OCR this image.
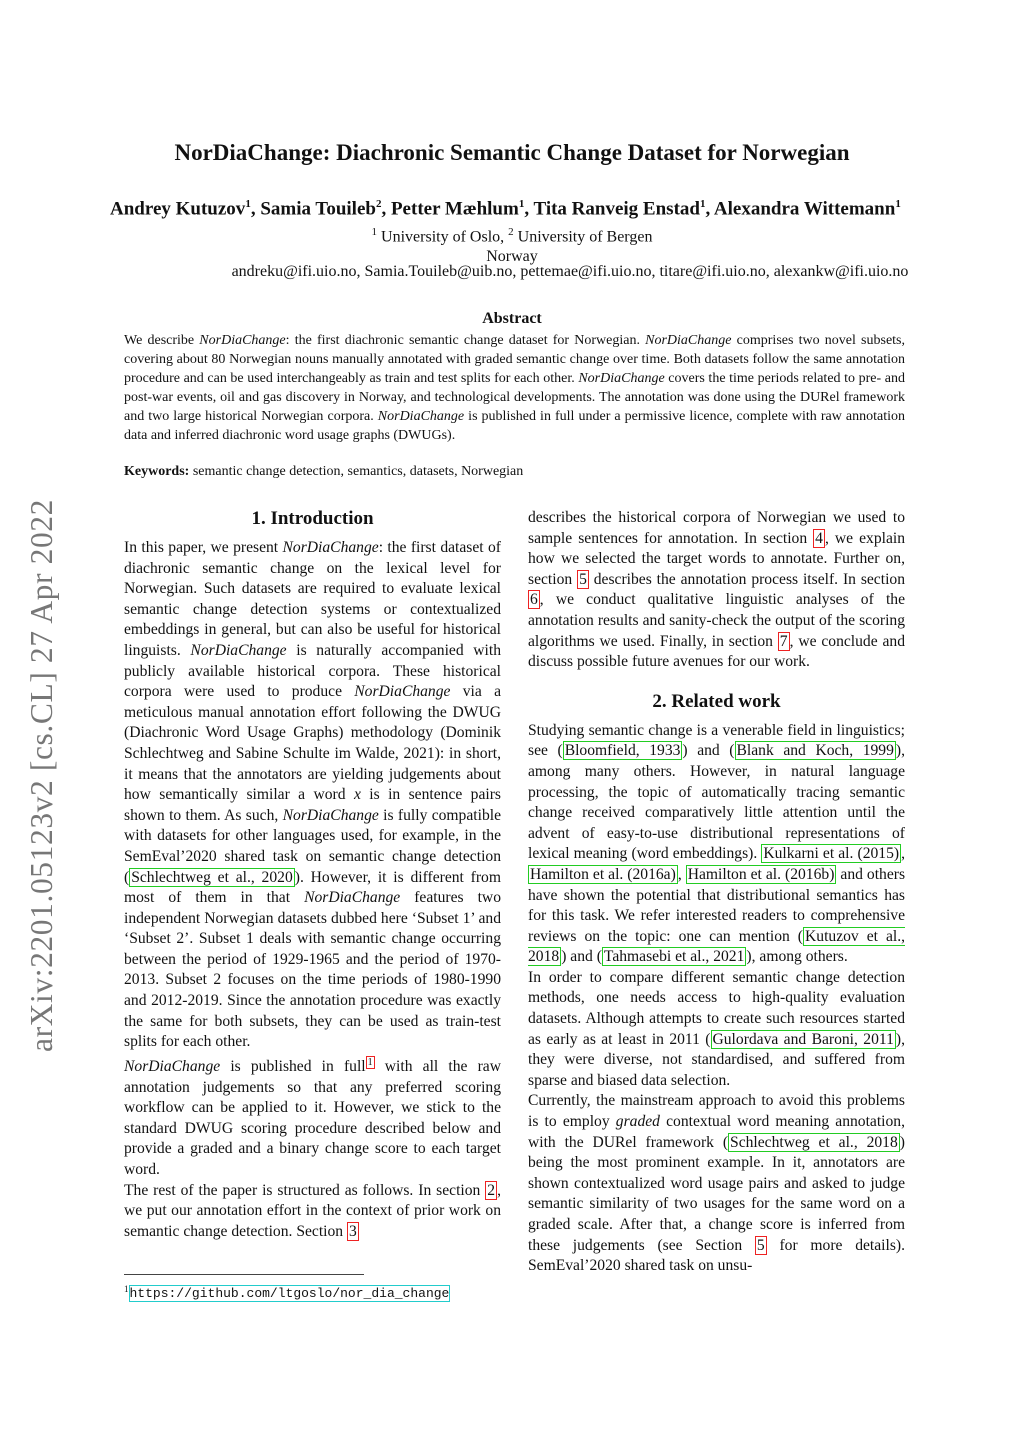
arXiv:2201.05123v2 [cs.CL] 27 Apr 2022
NorDiaChange: Diachronic Semantic Change Dataset for Norwegian
Andrey Kutuzov$^1$, Samia Touileb$^2$, Petter Mæhlum$^1$, Tita Ranveig Enstad$^1$, Alexandra Wittemann$^1$
$^1$ University of Oslo, $^2$ University of Bergen
Norway
andreku@ifi.uio.no, Samia.Touileb@uib.no, pettemae@ifi.uio.no, titare@ifi.uio.no, alexankw@ifi.uio.no
Abstract

We describe NorDiaChange: the first diachronic semantic change dataset for Norwegian. NorDiaChange comprises two novel subsets, covering about 80 Norwegian nouns manually annotated with graded semantic change over time. Both datasets follow the same annotation procedure and can be used interchangeably as train and test splits for each other. NorDiaChange covers the time periods related to pre- and post-war events, oil and gas discovery in Norway, and technological developments. The annotation was done using the DURel framework and two large historical Norwegian corpora. NorDiaChange is published in full under a permissive licence, complete with raw annotation data and inferred diachronic word usage graphs (DWUGs).

Keywords: semantic change detection, semantics, datasets, Norwegian
1. Introduction

In this paper, we present NorDiaChange: the first dataset of diachronic semantic change on the lexical level for Norwegian. Such datasets are required to evaluate lexical semantic change detection systems or contextualized embeddings in general, but can also be useful for historical linguists. NorDiaChange is naturally accompanied with publicly available historical corpora. These historical corpora were used to produce NorDiaChange via a meticulous manual annotation effort following the DWUG (Diachronic Word Usage Graphs) methodology (Dominik Schlechtweg and Sabine Schulte im Walde, 2021): in short, it means that the annotators are yielding judgements about how semantically similar a word x is in sentence pairs shown to them. As such, NorDiaChange is fully compatible with datasets for other languages used, for example, in the SemEval’2020 shared task on semantic change detection ( Schlechtweg et al., 2020 ). However, it is different from most of them in that NorDiaChange features two independent Norwegian datasets dubbed here ‘Subset 1’ and ‘Subset 2’. Subset 1 deals with semantic change occurring between the period of 1929-1965 and the period of 1970-2013. Subset 2 focuses on the time periods of 1980-1990 and 2012-2019. Since the annotation procedure was exactly the same for both subsets, they can be used as train-test splits for each other.

NorDiaChange is published in full $^1$ with all the raw annotation judgements so that any preferred scoring workflow can be applied to it. However, we stick to the standard DWUG scoring procedure described below and provide a graded and a binary change score to each target word.

The rest of the paper is structured as follows. In section 2 , we put our annotation effort in the context of prior work on semantic change detection. Section 3

describes the historical corpora of Norwegian we used to sample sentences for annotation. In section 4 , we explain how we selected the target words to annotate. Further on, section 5 describes the annotation process itself. In section 6 , we conduct qualitative linguistic analyses of the annotation results and sanity-check the output of the scoring algorithms we used. Finally, in section 7 , we conclude and discuss possible future avenues for our work.

2. Related work

Studying semantic change is a venerable field in linguistics; see ( Bloomfield, 1933 ) and ( Blank and Koch, 1999 ), among many others. However, in natural language processing, the topic of automatically tracing semantic change received comparatively little attention until the advent of easy-to-use distributional representations of lexical meaning (word embeddings). Kulkarni et al. (2015) , Hamilton et al. (2016a) , Hamilton et al. (2016b) and others have shown the potential that distributional semantics has for this task. We refer interested readers to comprehensive reviews on the topic: one can mention ( Kutuzov et al., 2018 ) and ( Tahmasebi et al., 2021 ), among others.

In order to compare different semantic change detection methods, one needs access to high-quality evaluation datasets. Although attempts to create such resources started as early as at least in 2011 ( Gulordava and Baroni, 2011 ), they were diverse, not standardised, and suffered from sparse and biased data selection.

Currently, the mainstream approach to avoid this problems is to employ graded contextual word meaning annotation, with the DURel framework ( Schlechtweg et al., 2018 ) being the most prominent example. In it, annotators are shown contextualized word usage pairs and asked to judge semantic similarity of two usages for the same word on a graded scale. After that, a change score is inferred from these judgements (see Section 5 for more details). SemEval’2020 shared task on unsu-

$^1$https://github.com/ltgoslo/nor_dia_change
